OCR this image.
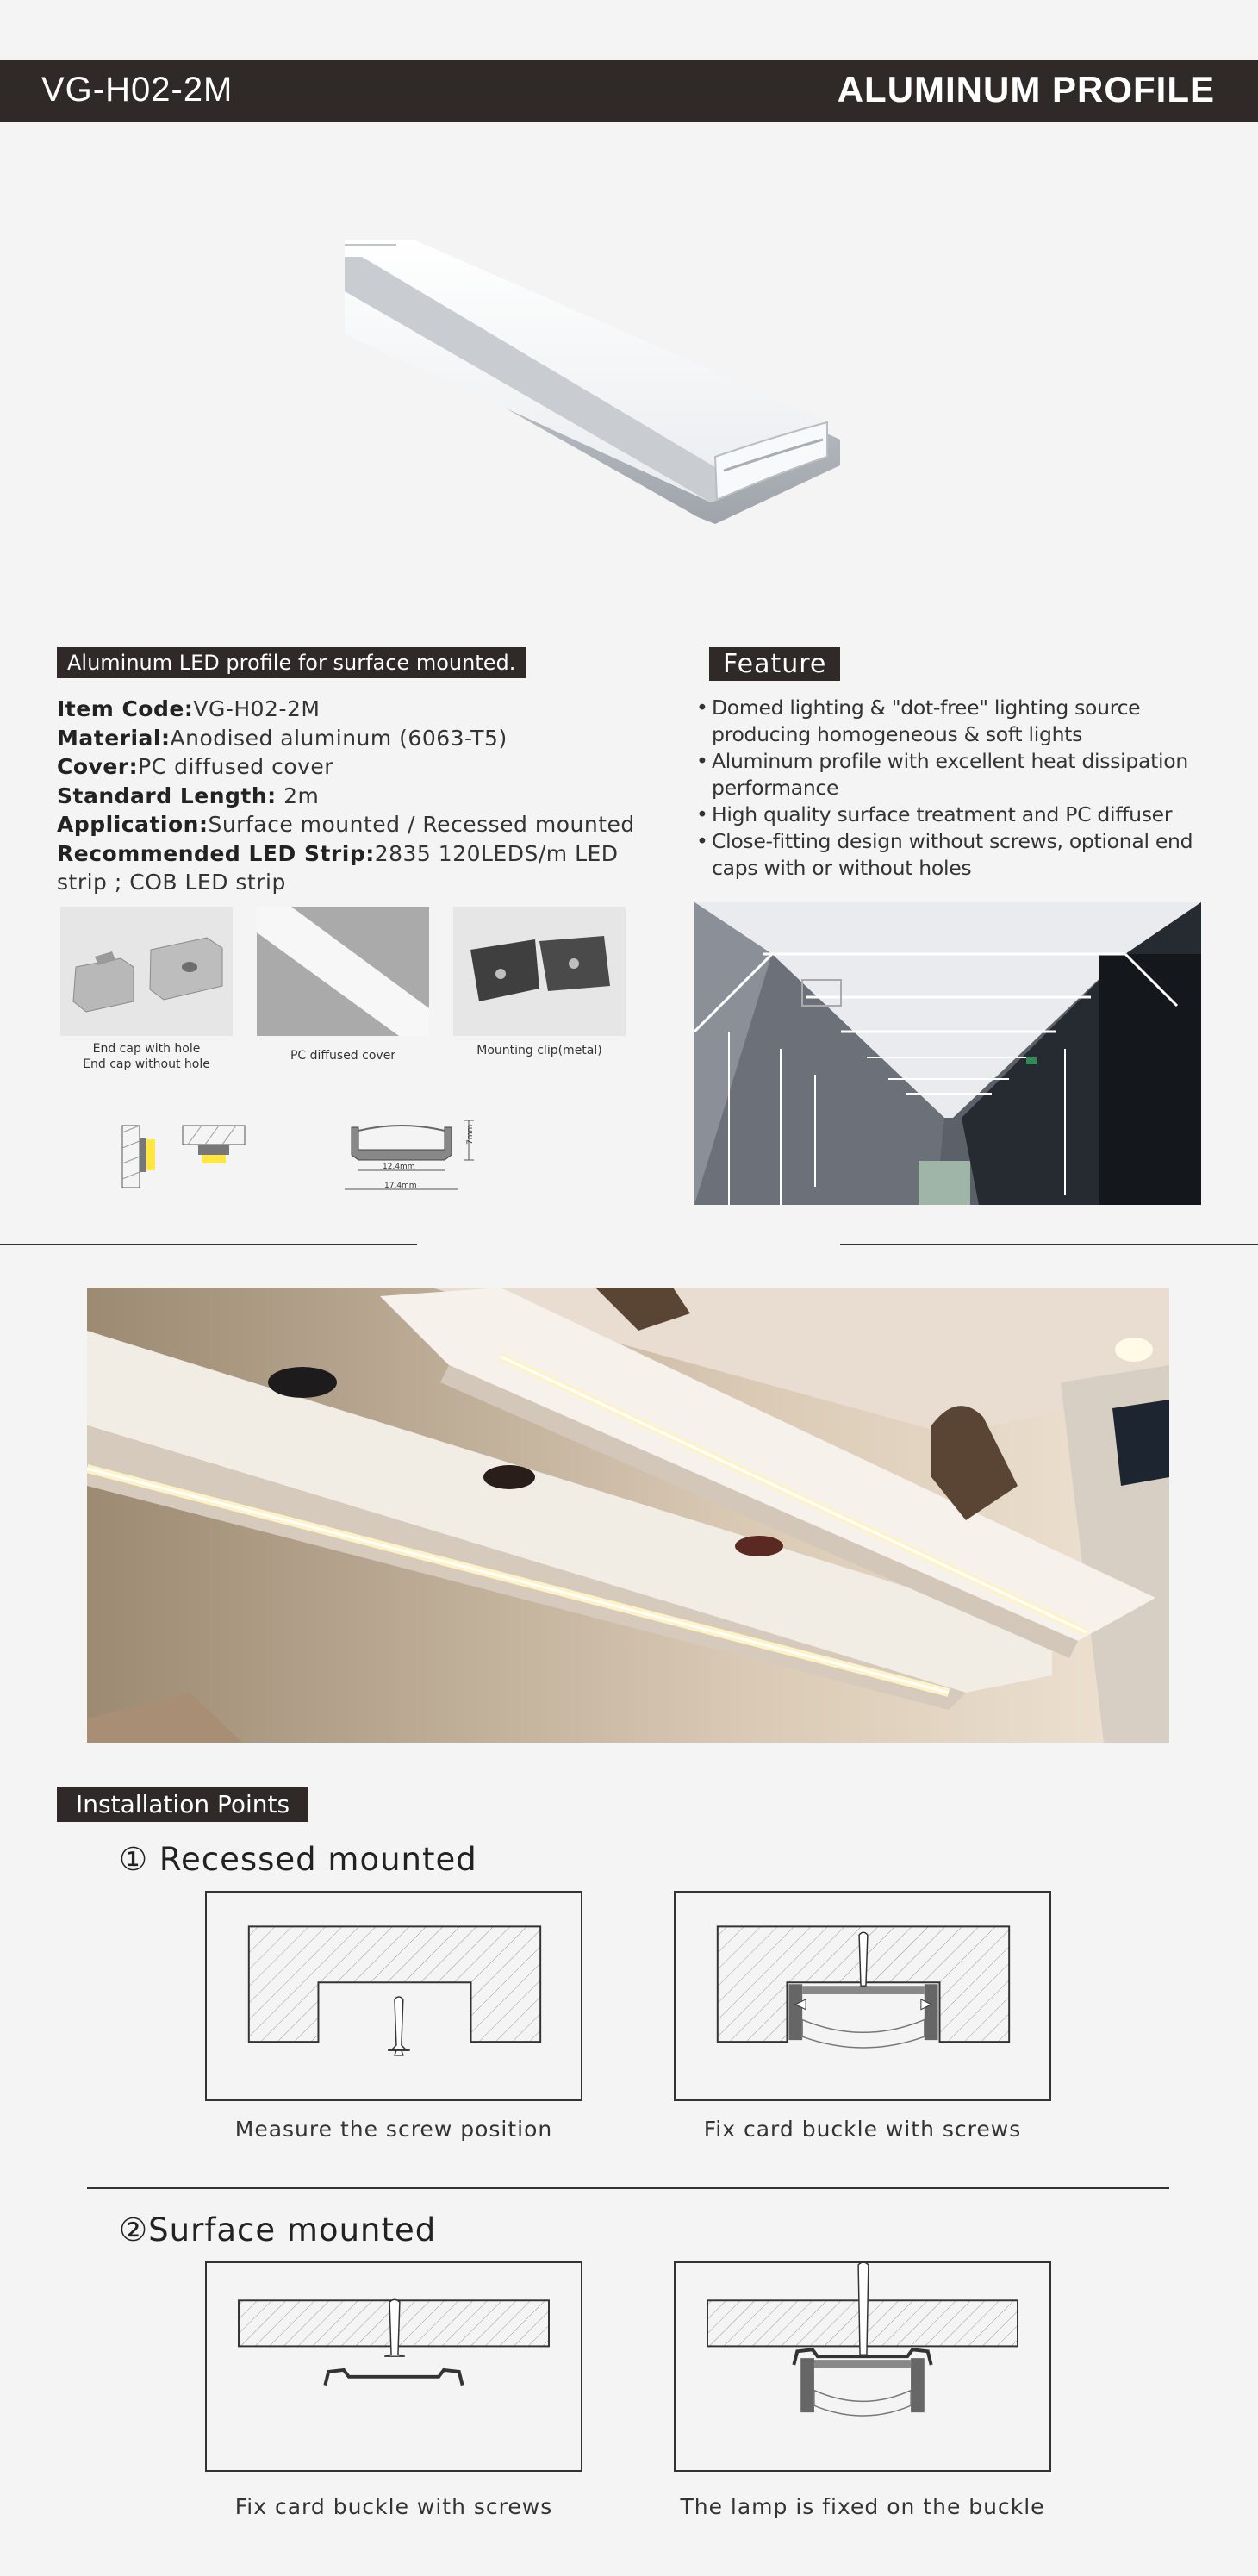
VG-H02-2M	ALUMINUM PROFILE
Aluminum LED profile for surface mounted.
Item Code:VG-H02-2M
Material:Anodised aluminum (6063-T5)
Cover:PC diffused cover
Standard Length: 2m
Application:Surface mounted / Recessed mounted
Recommended LED Strip:2835 120LEDS/m LED strip ; COB LED strip
Feature
• Domed lighting & "dot-free" lighting source producing homogeneous & soft lights
• Aluminum profile with excellent heat dissipation performance
• High quality surface treatment and PC diffuser
• Close-fitting design without screws, optional end caps with or without holes
End cap with hole
End cap without hole
PC diffused cover	Mounting clip(metal)
7mm
12.4mm
17.4mm
Installation Points
① Recessed mounted
Measure the screw position	Fix card buckle with screws
②Surface mounted
Fix card buckle with screws	The lamp is fixed on the buckle
